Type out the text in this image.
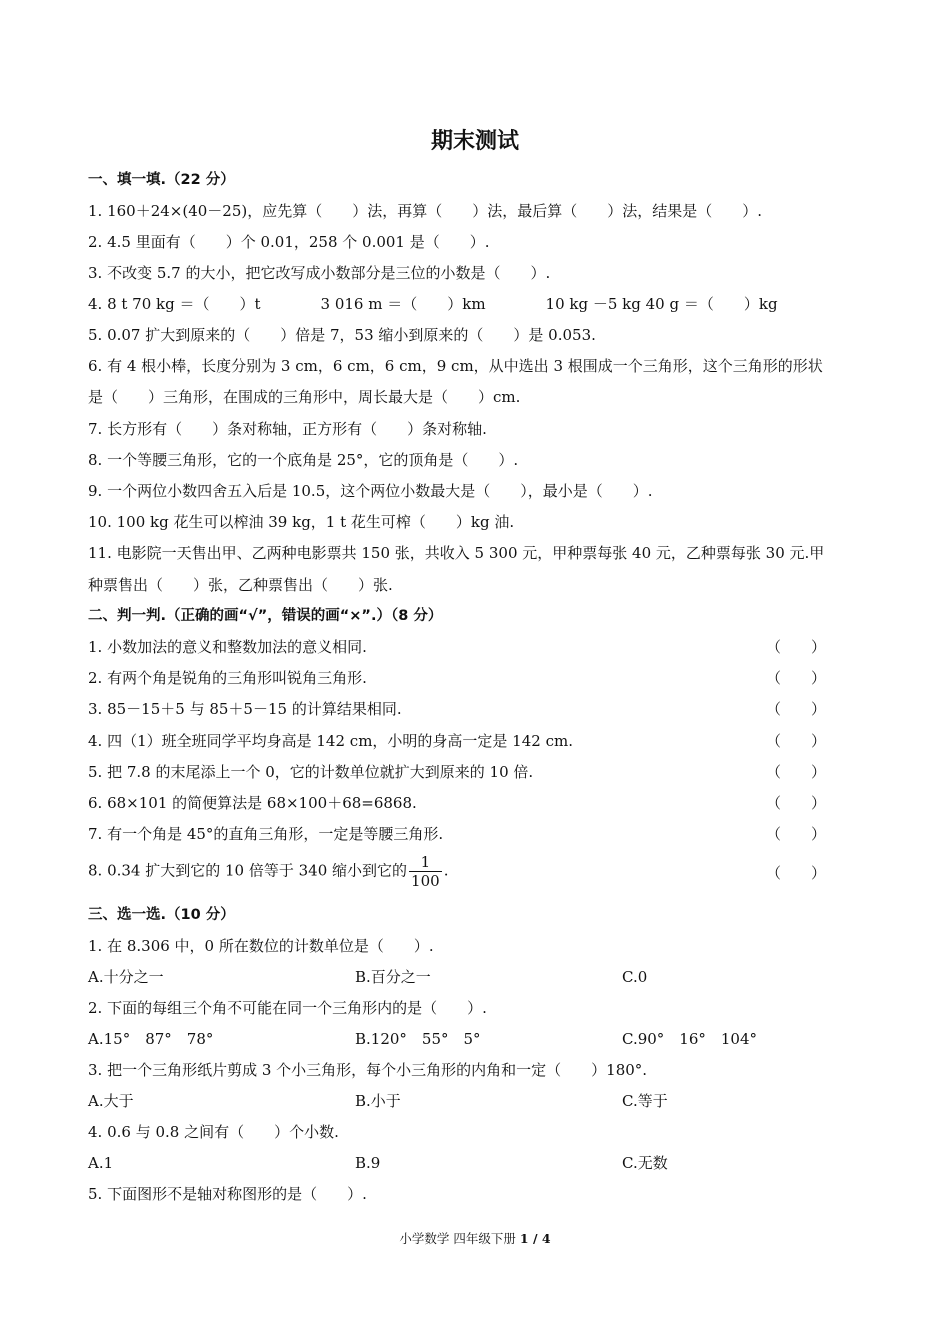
期末测试
一、填一填.（22 分）
1. 160＋24×(40－25)，应先算（　　）法，再算（　　）法，最后算（　　）法，结果是（　　）.
2. 4.5 里面有（　　）个 0.01，258 个 0.001 是（　　）.
3. 不改变 5.7 的大小，把它改写成小数部分是三位的小数是（　　）.
4. 8 t 70 kg ＝（　　）t　　　　3 016 m ＝（　　）km　　　　10 kg －5 kg 40 g ＝（　　）kg
5. 0.07 扩大到原来的（　　）倍是 7，53 缩小到原来的（　　）是 0.053.
6. 有 4 根小棒，长度分别为 3 cm，6 cm，6 cm，9 cm，从中选出 3 根围成一个三角形，这个三角形的形状
是（　　）三角形，在围成的三角形中，周长最大是（　　）cm.
7. 长方形有（　　）条对称轴，正方形有（　　）条对称轴.
8. 一个等腰三角形，它的一个底角是 25°，它的顶角是（　　）.
9. 一个两位小数四舍五入后是 10.5，这个两位小数最大是（　　），最小是（　　）.
10. 100 kg 花生可以榨油 39 kg，1 t 花生可榨（　　）kg 油.
11. 电影院一天售出甲、乙两种电影票共 150 张，共收入 5 300 元，甲种票每张 40 元，乙种票每张 30 元.甲
种票售出（　　）张，乙种票售出（　　）张.
二、判一判.（正确的画“√”，错误的画“×”.）（8 分）
1. 小数加法的意义和整数加法的意义相同.	（　　）
2. 有两个角是锐角的三角形叫锐角三角形.	（　　）
3. 85－15＋5 与 85＋5－15 的计算结果相同.	（　　）
4. 四（1）班全班同学平均身高是 142 cm，小明的身高一定是 142 cm.	（　　）
5. 把 7.8 的末尾添上一个 0，它的计数单位就扩大到原来的 10 倍.	（　　）
6. 68×101 的简便算法是 68×100＋68=6868.	（　　）
7. 有一个角是 45°的直角三角形，一定是等腰三角形.	（　　）
8. 0.34 扩大到它的 10 倍等于 340 缩小到它的 $\frac{1}{100}$ .	（　　）
三、选一选.（10 分）
1. 在 8.306 中，0 所在数位的计数单位是（　　）.
A.十分之一	B.百分之一	C.0
2. 下面的每组三个角不可能在同一个三角形内的是（　　）.
A.15°　87°　78°	B.120°　55°　5°	C.90°　16°　104°
3. 把一个三角形纸片剪成 3 个小三角形，每个小三角形的内角和一定（　　）180°.
A.大于	B.小于	C.等于
4. 0.6 与 0.8 之间有（　　）个小数.
A.1	B.9	C.无数
5. 下面图形不是轴对称图形的是（　　）.
小学数学 四年级下册 1 / 4
